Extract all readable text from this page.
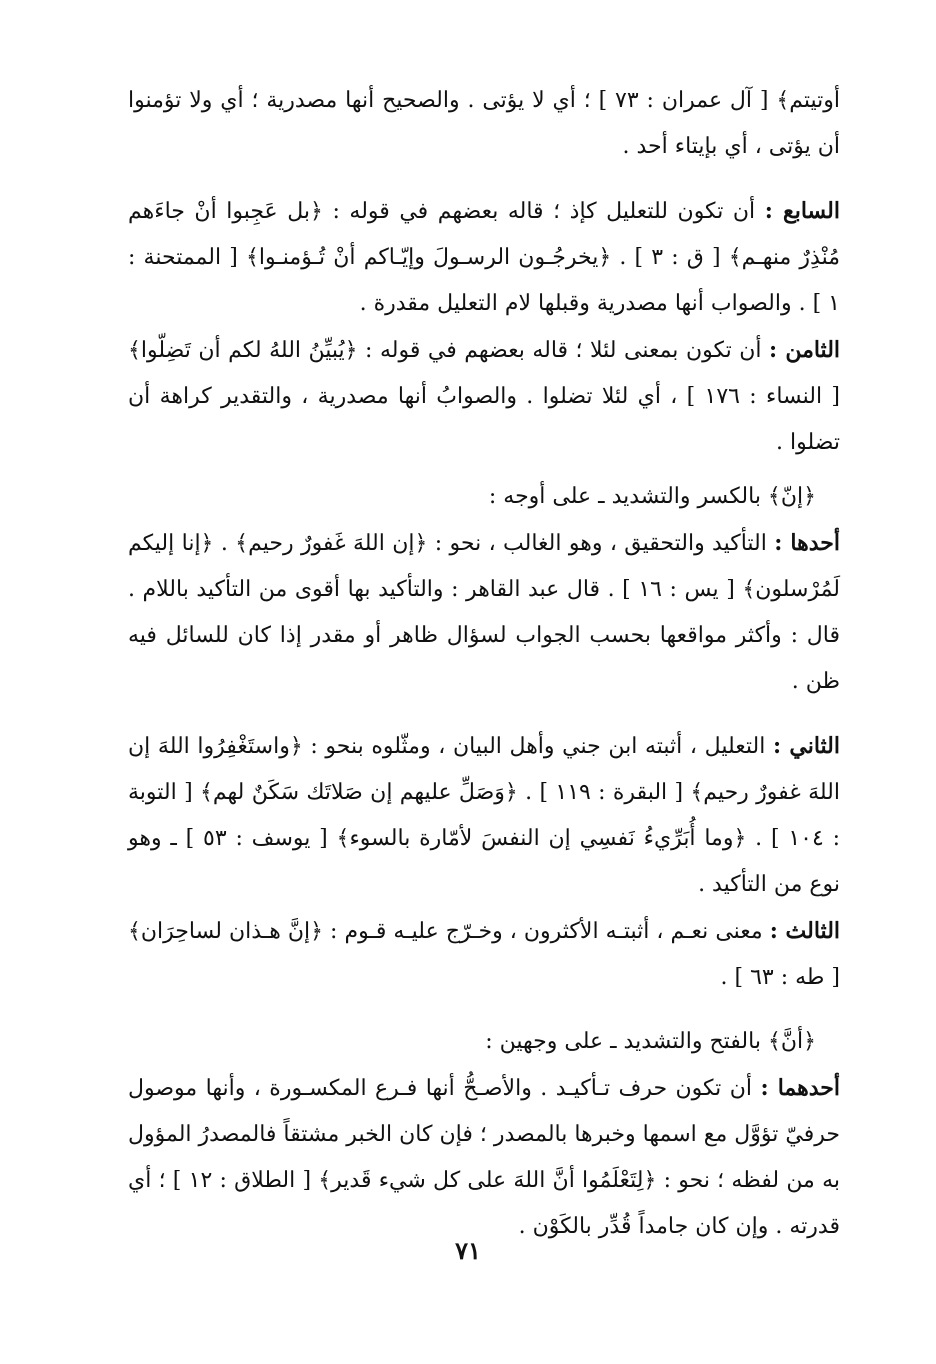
أوتيتم﴾ [ آل عمران : ٧٣ ] ؛ أي لا يؤتى . والصحيح أنها مصدرية ؛ أي ولا تؤمنوا أن يؤتى ، أي بإيتاء أحد .

السابع : أن تكون للتعليل كإذ ؛ قاله بعضهم في قوله : ﴿بل عَجِبوا أنْ جاءَهم مُنْذِرٌ منهـم﴾ [ ق : ٣ ] . ﴿يخرجُـون الرسـولَ وإيّـاكم أنْ تُـؤمنـوا﴾ [ الممتحنة : ١ ] . والصواب أنها مصدرية وقبلها لام التعليل مقدرة .

الثامن : أن تكون بمعنى لئلا ؛ قاله بعضهم في قوله : ﴿يُبيِّنُ اللهُ لكم أن تَضِلّوا﴾ [ النساء : ١٧٦ ] ، أي لئلا تضلوا . والصوابُ أنها مصدرية ، والتقدير كراهة أن تضلوا .

﴿إنّ﴾ بالكسر والتشديد ـ على أوجه :

أحدها : التأكيد والتحقيق ، وهو الغالب ، نحو : ﴿إن اللهَ غَفورٌ رحيم﴾ . ﴿إنا إليكم لَمُرْسلون﴾ [ يس : ١٦ ] . قال عبد القاهر : والتأكيد بها أقوى من التأكيد باللام . قال : وأكثر مواقعها بحسب الجواب لسؤال ظاهر أو مقدر إذا كان للسائل فيه ظن .

الثاني : التعليل ، أثبته ابن جني وأهل البيان ، ومثّلوه بنحو : ﴿واستَغْفِرُوا اللهَ إن اللهَ غفورٌ رحيم﴾ [ البقرة : ١١٩ ] . ﴿وَصَلِّ عليهم إن صَلاتَك سَكَنٌ لهم﴾ [ التوبة : ١٠٤ ] . ﴿وما أُبَرِّيءُ نَفسِي إن النفسَ لأمّارة بالسوء﴾ [ يوسف : ٥٣ ] ـ وهو نوع من التأكيد .

الثالث : معنى نعـم ، أثبتـه الأكثرون ، وخـرّج عليـه قـوم : ﴿إنَّ هـذان لساحِرَان﴾ [ طه : ٦٣ ] .

﴿أنَّ﴾ بالفتح والتشديد ـ على وجهين :

أحدهما : أن تكون حرف تـأكيـد . والأصـحُّ أنها فـرع المكسـورة ، وأنها موصول حرفيّ تؤوَّل مع اسمها وخبرها بالمصدر ؛ فإن كان الخبر مشتقاً فالمصدرُ المؤول به من لفظه ؛ نحو : ﴿لِتَعْلَمُوا أنَّ اللهَ على كل شيء قَدير﴾ [ الطلاق : ١٢ ] ؛ أي قدرته . وإن كان جامداً قُدِّر بالكَوْن .

٧١
